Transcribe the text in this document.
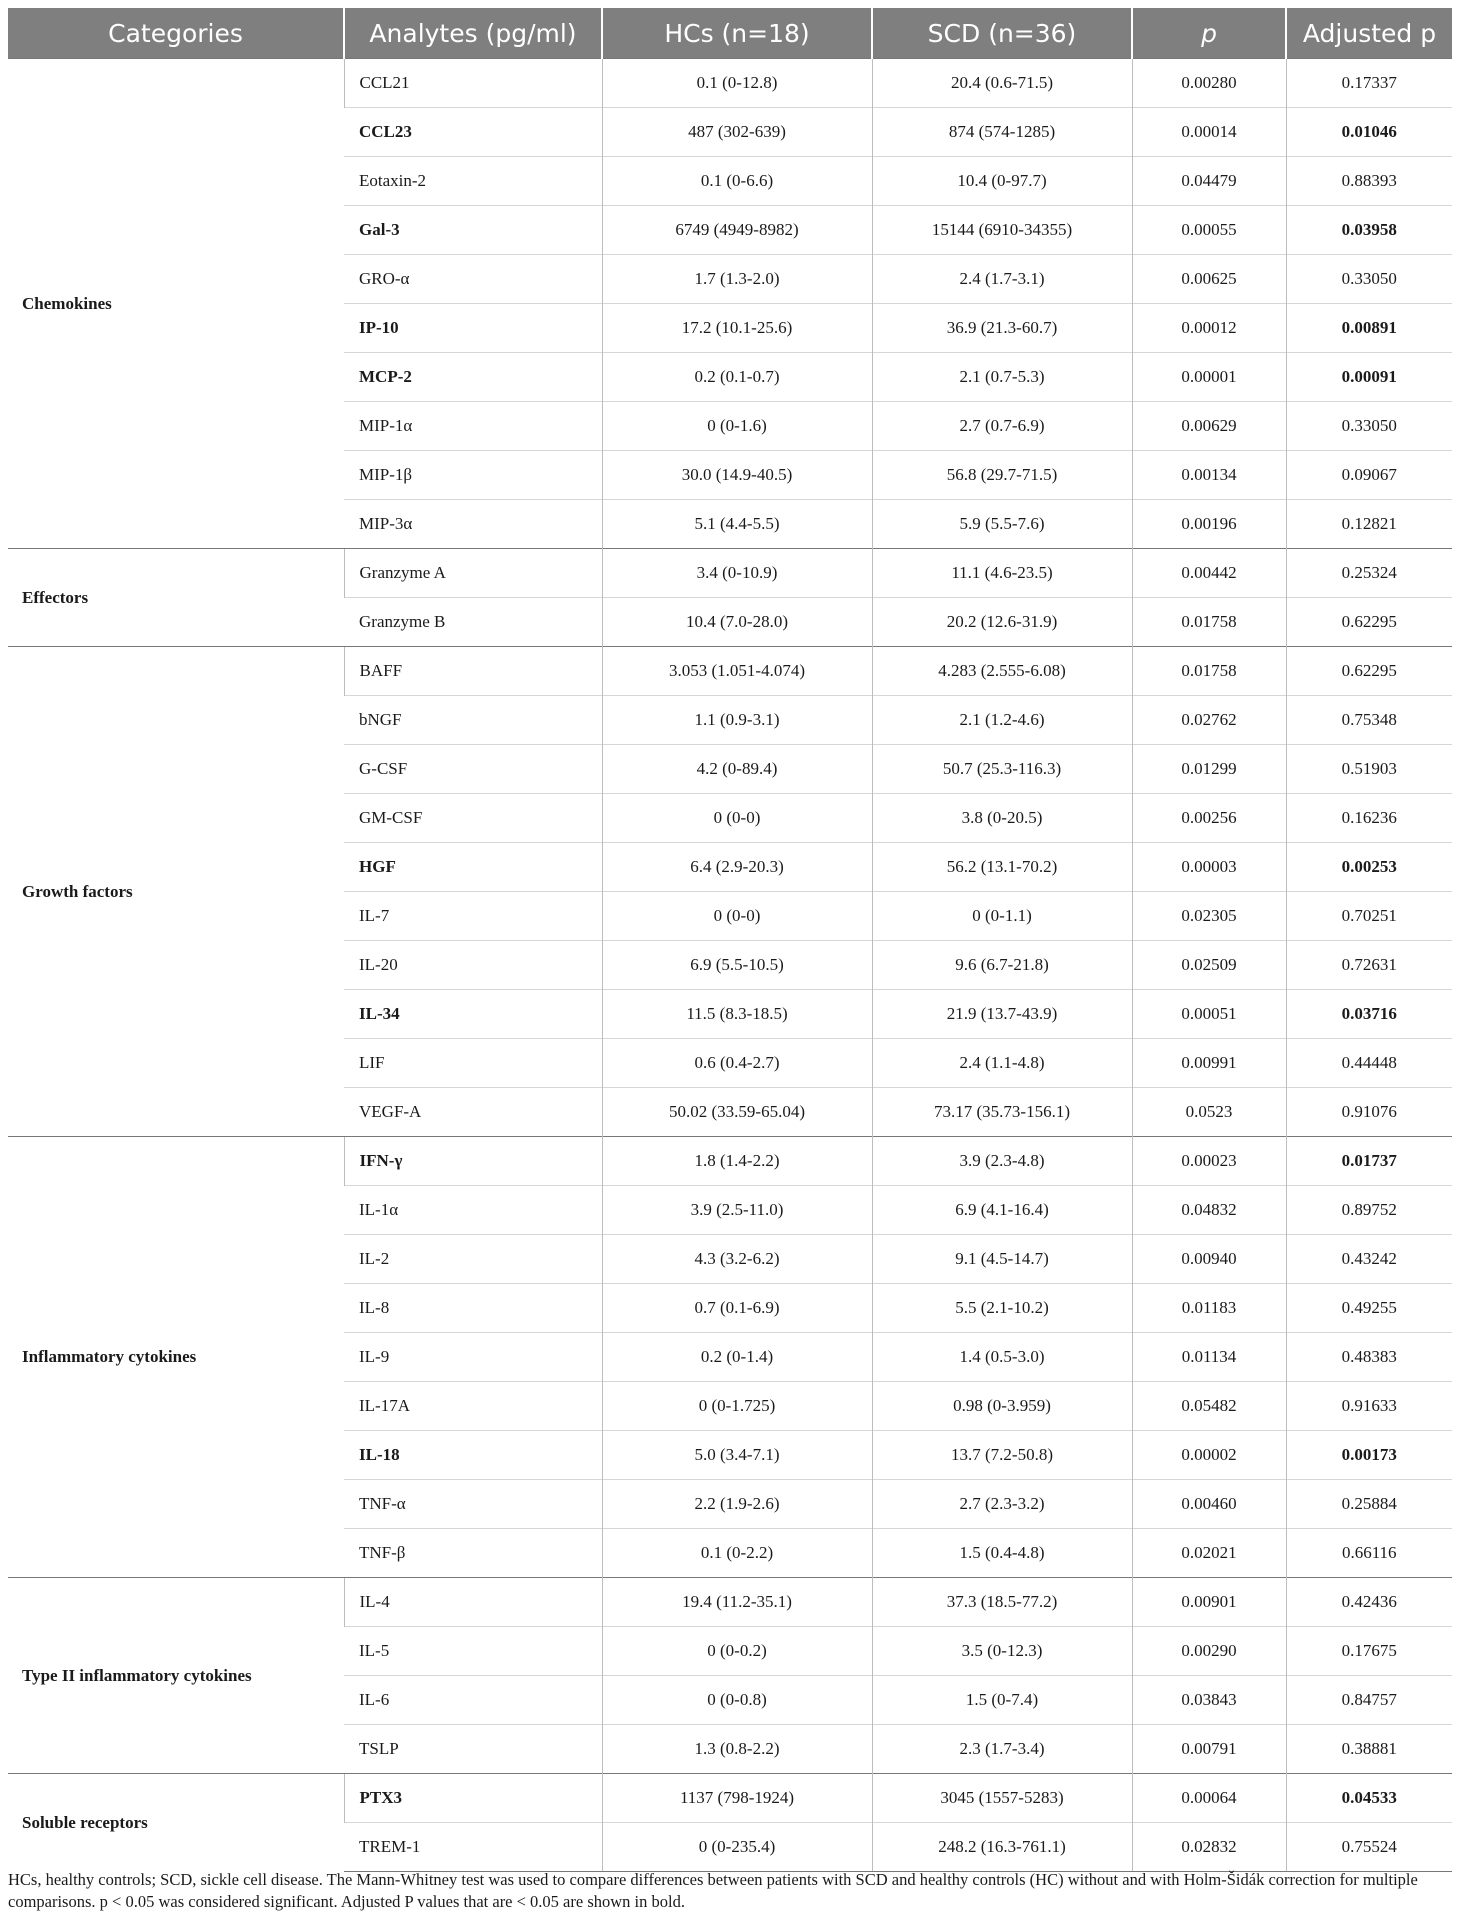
Categories	Analytes (pg/ml)	HCs (n=18)	SCD (n=36)	p	Adjusted p
Chemokines	CCL21	0.1 (0-12.8)	20.4 (0.6-71.5)	0.00280	0.17337
	CCL23	487 (302-639)	874 (574-1285)	0.00014	0.01046
	Eotaxin-2	0.1 (0-6.6)	10.4 (0-97.7)	0.04479	0.88393
	Gal-3	6749 (4949-8982)	15144 (6910-34355)	0.00055	0.03958
	GRO-α	1.7 (1.3-2.0)	2.4 (1.7-3.1)	0.00625	0.33050
	IP-10	17.2 (10.1-25.6)	36.9 (21.3-60.7)	0.00012	0.00891
	MCP-2	0.2 (0.1-0.7)	2.1 (0.7-5.3)	0.00001	0.00091
	MIP-1α	0 (0-1.6)	2.7 (0.7-6.9)	0.00629	0.33050
	MIP-1β	30.0 (14.9-40.5)	56.8 (29.7-71.5)	0.00134	0.09067
	MIP-3α	5.1 (4.4-5.5)	5.9 (5.5-7.6)	0.00196	0.12821
Effectors	Granzyme A	3.4 (0-10.9)	11.1 (4.6-23.5)	0.00442	0.25324
	Granzyme B	10.4 (7.0-28.0)	20.2 (12.6-31.9)	0.01758	0.62295
Growth factors	BAFF	3.053 (1.051-4.074)	4.283 (2.555-6.08)	0.01758	0.62295
	bNGF	1.1 (0.9-3.1)	2.1 (1.2-4.6)	0.02762	0.75348
	G-CSF	4.2 (0-89.4)	50.7 (25.3-116.3)	0.01299	0.51903
	GM-CSF	0 (0-0)	3.8 (0-20.5)	0.00256	0.16236
	HGF	6.4 (2.9-20.3)	56.2 (13.1-70.2)	0.00003	0.00253
	IL-7	0 (0-0)	0 (0-1.1)	0.02305	0.70251
	IL-20	6.9 (5.5-10.5)	9.6 (6.7-21.8)	0.02509	0.72631
	IL-34	11.5 (8.3-18.5)	21.9 (13.7-43.9)	0.00051	0.03716
	LIF	0.6 (0.4-2.7)	2.4 (1.1-4.8)	0.00991	0.44448
	VEGF-A	50.02 (33.59-65.04)	73.17 (35.73-156.1)	0.0523	0.91076
Inflammatory cytokines	IFN-γ	1.8 (1.4-2.2)	3.9 (2.3-4.8)	0.00023	0.01737
	IL-1α	3.9 (2.5-11.0)	6.9 (4.1-16.4)	0.04832	0.89752
	IL-2	4.3 (3.2-6.2)	9.1 (4.5-14.7)	0.00940	0.43242
	IL-8	0.7 (0.1-6.9)	5.5 (2.1-10.2)	0.01183	0.49255
	IL-9	0.2 (0-1.4)	1.4 (0.5-3.0)	0.01134	0.48383
	IL-17A	0 (0-1.725)	0.98 (0-3.959)	0.05482	0.91633
	IL-18	5.0 (3.4-7.1)	13.7 (7.2-50.8)	0.00002	0.00173
	TNF-α	2.2 (1.9-2.6)	2.7 (2.3-3.2)	0.00460	0.25884
	TNF-β	0.1 (0-2.2)	1.5 (0.4-4.8)	0.02021	0.66116
Type II inflammatory cytokines	IL-4	19.4 (11.2-35.1)	37.3 (18.5-77.2)	0.00901	0.42436
	IL-5	0 (0-0.2)	3.5 (0-12.3)	0.00290	0.17675
	IL-6	0 (0-0.8)	1.5 (0-7.4)	0.03843	0.84757
	TSLP	1.3 (0.8-2.2)	2.3 (1.7-3.4)	0.00791	0.38881
Soluble receptors	PTX3	1137 (798-1924)	3045 (1557-5283)	0.00064	0.04533
	TREM-1	0 (0-235.4)	248.2 (16.3-761.1)	0.02832	0.75524
HCs, healthy controls; SCD, sickle cell disease. The Mann-Whitney test was used to compare differences between patients with SCD and healthy controls (HC) without and with Holm-Šidák correction for multiple comparisons. p < 0.05 was considered significant. Adjusted P values that are < 0.05 are shown in bold.
